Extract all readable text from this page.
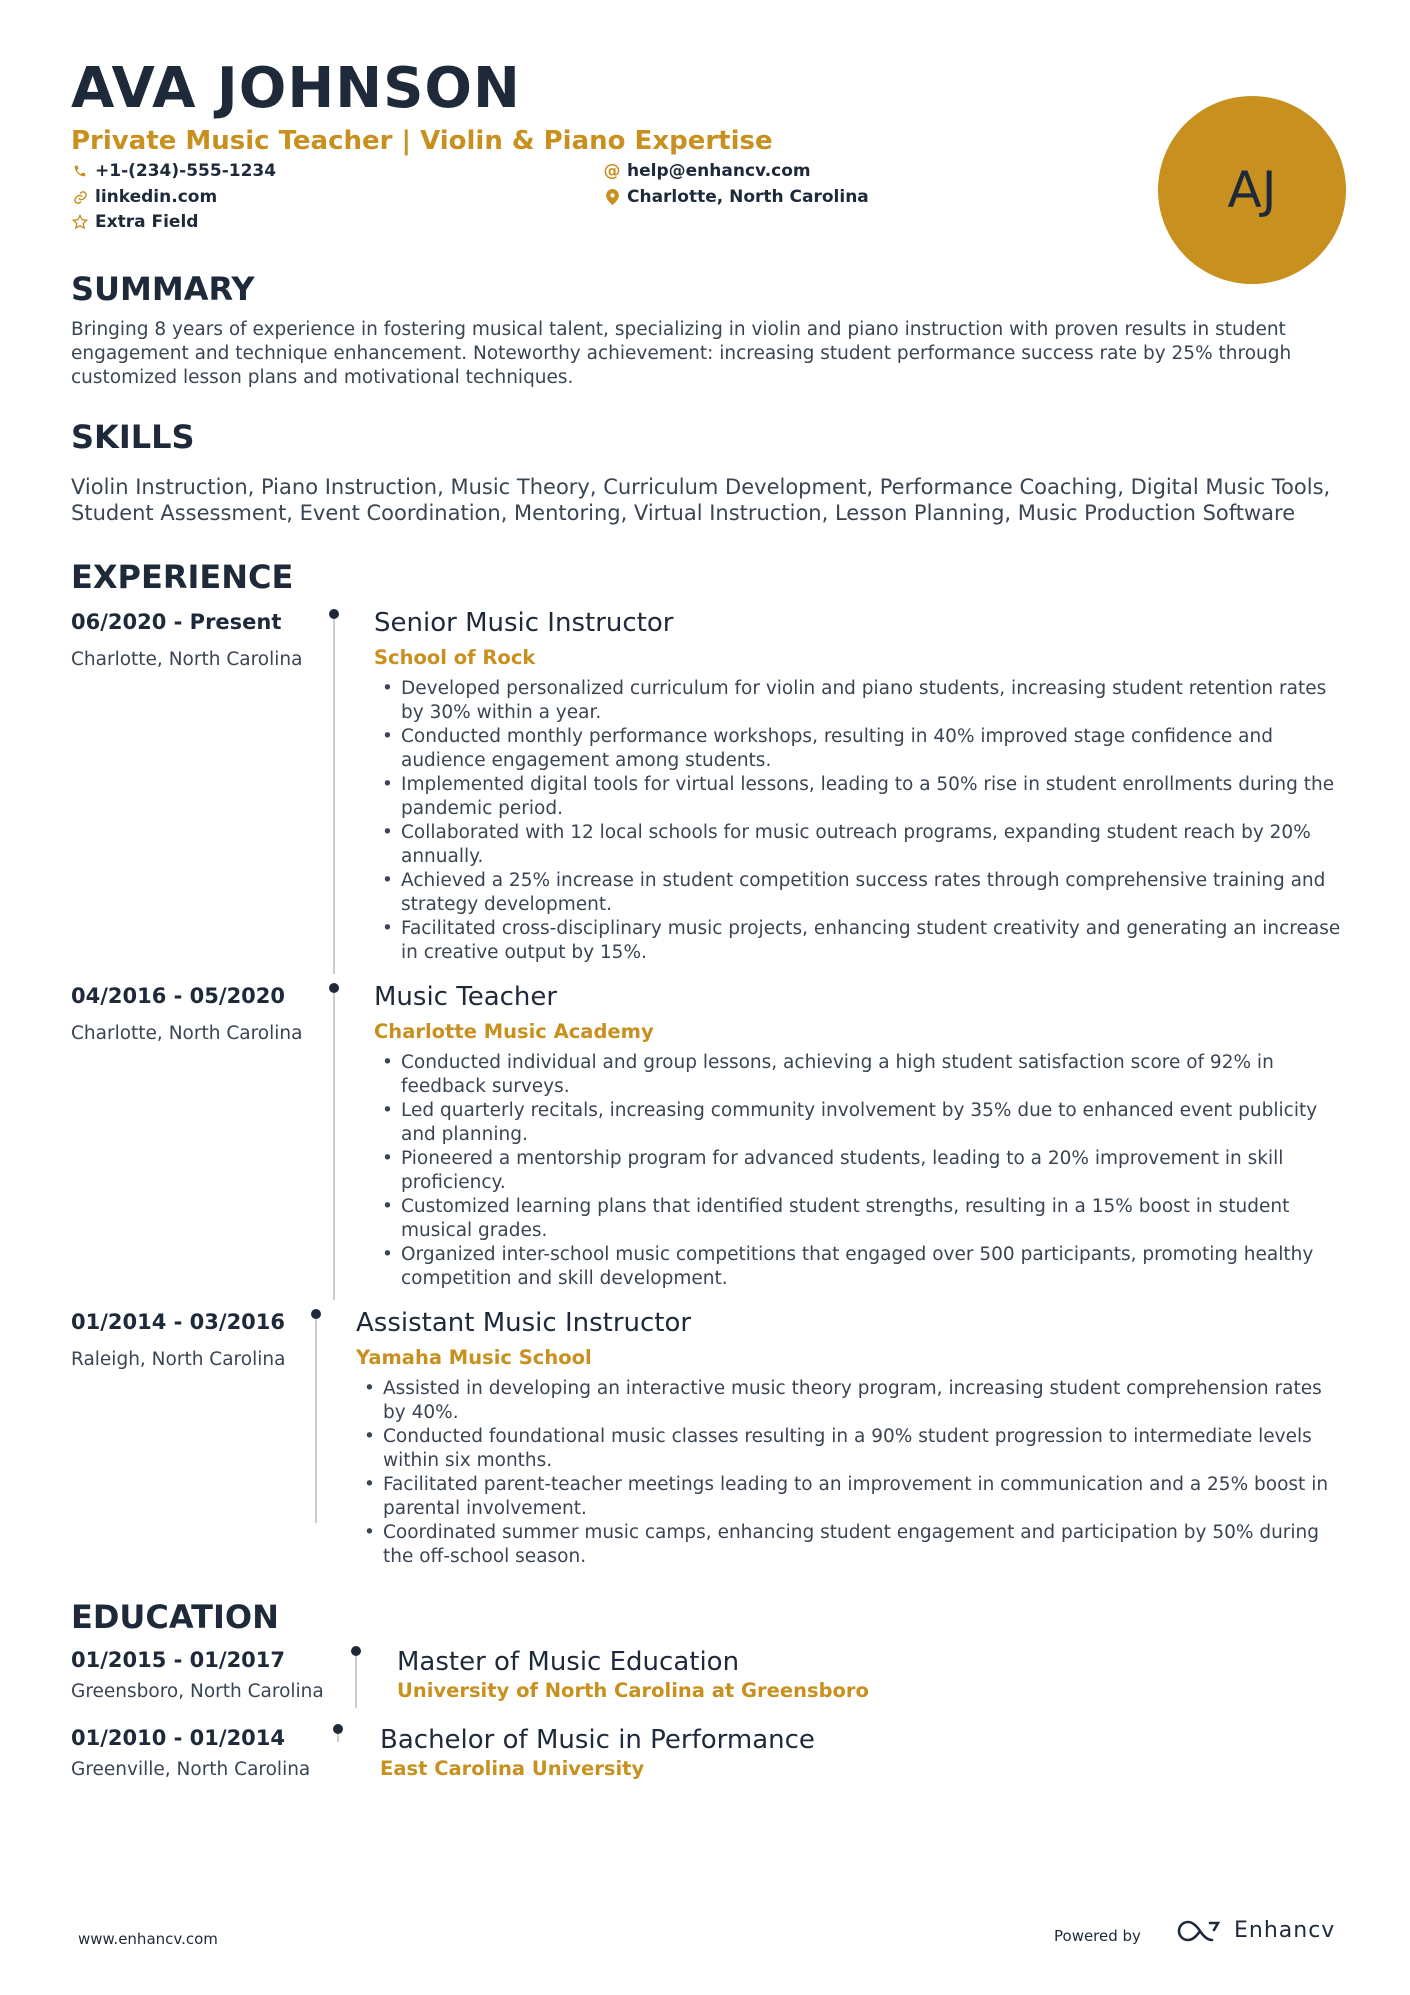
AVA JOHNSON
Private Music Teacher | Violin & Piano Expertise
+1-(234)-555-1234	@ help@enhancv.com
linkedin.com	Charlotte, North Carolina
Extra Field
AJ
SUMMARY
Bringing 8 years of experience in fostering musical talent, specializing in violin and piano instruction with proven results in student engagement and technique enhancement. Noteworthy achievement: increasing student performance success rate by 25% through customized lesson plans and motivational techniques.
SKILLS
Violin Instruction, Piano Instruction, Music Theory, Curriculum Development, Performance Coaching, Digital Music Tools, Student Assessment, Event Coordination, Mentoring, Virtual Instruction, Lesson Planning, Music Production Software
EXPERIENCE
06/2020 - Present
Charlotte, North Carolina
Senior Music Instructor
School of Rock
• Developed personalized curriculum for violin and piano students, increasing student retention rates by 30% within a year.
• Conducted monthly performance workshops, resulting in 40% improved stage confidence and audience engagement among students.
• Implemented digital tools for virtual lessons, leading to a 50% rise in student enrollments during the pandemic period.
• Collaborated with 12 local schools for music outreach programs, expanding student reach by 20% annually.
• Achieved a 25% increase in student competition success rates through comprehensive training and strategy development.
• Facilitated cross-disciplinary music projects, enhancing student creativity and generating an increase in creative output by 15%.
04/2016 - 05/2020
Charlotte, North Carolina
Music Teacher
Charlotte Music Academy
• Conducted individual and group lessons, achieving a high student satisfaction score of 92% in feedback surveys.
• Led quarterly recitals, increasing community involvement by 35% due to enhanced event publicity and planning.
• Pioneered a mentorship program for advanced students, leading to a 20% improvement in skill proficiency.
• Customized learning plans that identified student strengths, resulting in a 15% boost in student musical grades.
• Organized inter-school music competitions that engaged over 500 participants, promoting healthy competition and skill development.
01/2014 - 03/2016
Raleigh, North Carolina
Assistant Music Instructor
Yamaha Music School
• Assisted in developing an interactive music theory program, increasing student comprehension rates by 40%.
• Conducted foundational music classes resulting in a 90% student progression to intermediate levels within six months.
• Facilitated parent-teacher meetings leading to an improvement in communication and a 25% boost in parental involvement.
• Coordinated summer music camps, enhancing student engagement and participation by 50% during the off-school season.
EDUCATION
01/2015 - 01/2017
Greensboro, North Carolina
Master of Music Education
University of North Carolina at Greensboro
01/2010 - 01/2014
Greenville, North Carolina
Bachelor of Music in Performance
East Carolina University
www.enhancv.com	Powered by	Enhancv
